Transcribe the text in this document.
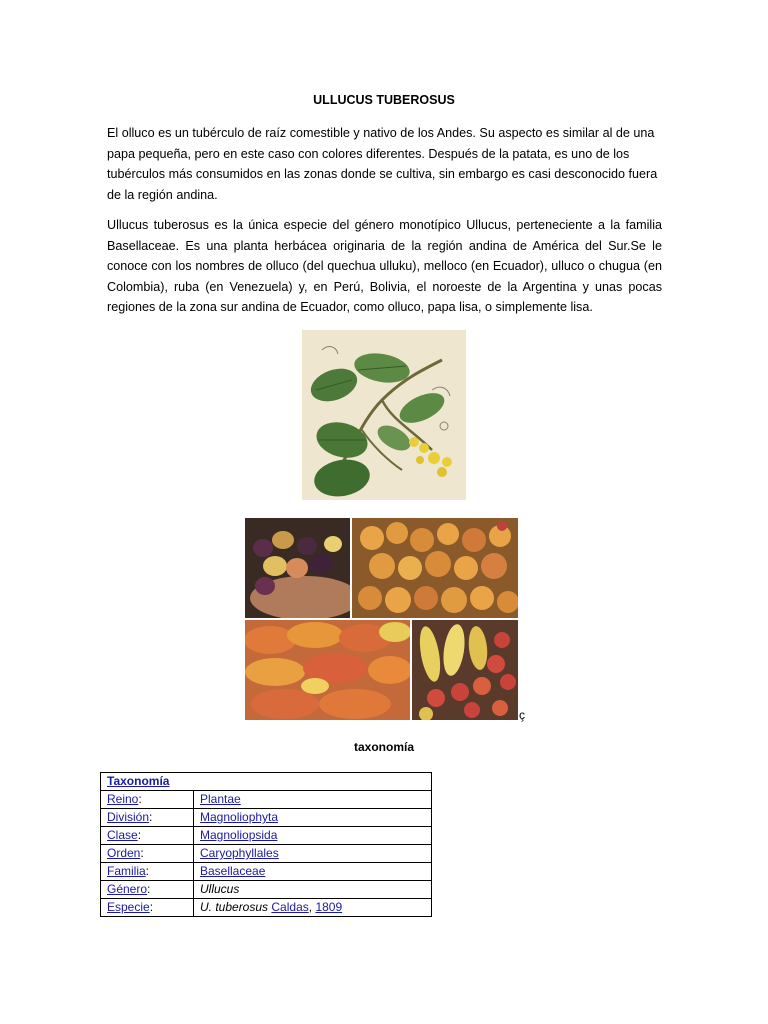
ULLUCUS TUBEROSUS

El olluco es un tubérculo de raíz comestible y nativo de los Andes. Su aspecto es similar al de una papa pequeña, pero en este caso con colores diferentes. Después de la patata, es uno de los tubérculos más consumidos en las zonas donde se cultiva, sin embargo es casi desconocido fuera de la región andina.

Ullucus tuberosus es la única especie del género monotípico Ullucus, perteneciente a la familia Basellaceae. Es una planta herbácea originaria de la región andina de América del Sur.Se le conoce con los nombres de olluco (del quechua ulluku), melloco (en Ecuador), ulluco o chugua (en Colombia), ruba (en Venezuela) y, en Perú, Bolivia, el noroeste de la Argentina y unas pocas regiones de la zona sur andina de Ecuador, como olluco, papa lisa, o simplemente lisa.

ç
taxonomía
Taxonomía	
Reino:	Plantae
División:	Magnoliophyta
Clase:	Magnoliopsida
Orden:	Caryophyllales
Familia:	Basellaceae
Género:	Ullucus
Especie:	U. tuberosus Caldas, 1809
